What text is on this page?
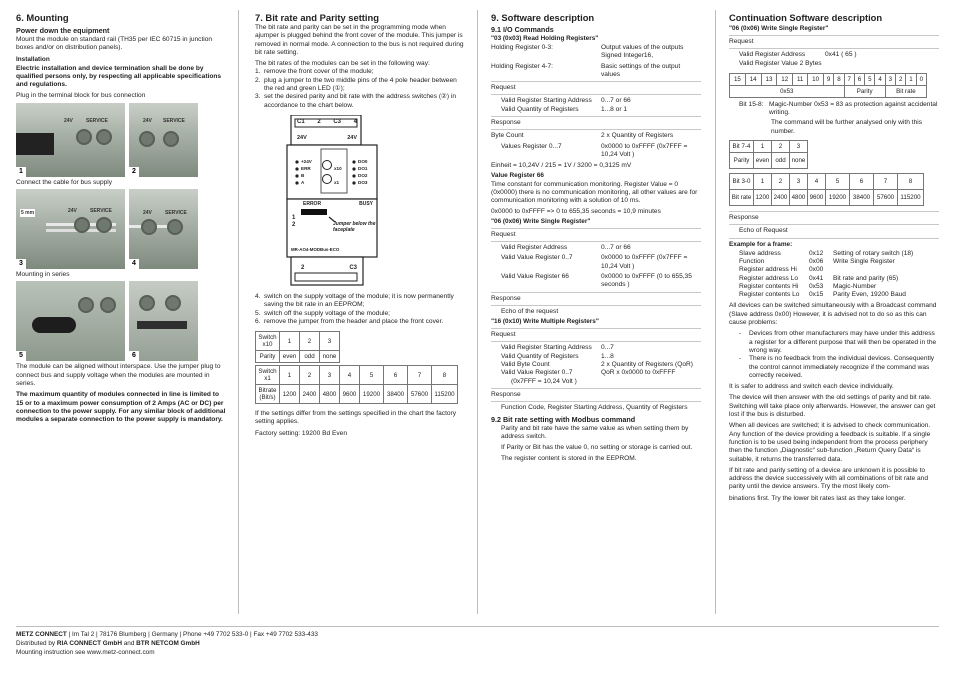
6. Mounting
Power down the equipment

Mount the module on standard rail (TH35 per IEC 60715 in junction boxes and/or on distribution panels).

Installation

Electric installation and device termination shall be done by qualified persons only, by respecting all applicable specifications and regulations.

Plug in the terminal block for bus connection

24V	SERVICE
1
24V SERVICE
2

Connect the cable for bus supply

5 mm	24V	SERVICE
3
24V	SERVICE
4

Mounting in series

5	6

The module can be aligned without interspace. Use the jumper plug to connect bus and supply voltage when the modules are mounted in series.

The maximum quantity of modules connected in line is limited to 15 or to a maximum power consumption of 2 Amps (AC or DC) per connection to the power supply. For any similar block of additional modules a separate connection to the power supply is mandatory.

7. Bit rate and Parity setting

The bit rate and parity can be set in the programming mode when ajumper is plugged behind the front cover of the module. This jumper is removed in normal mode. A connection to the bus is not required during bit rate setting.

The bit rates of the modules can be set in the following way:

1. remove the front cover of the module;
2. plug a jumper to the two middle pins of the 4 pole header between the red and green LED (①);
3. set the desired parity and bit rate with the address switches (②) in accordance to the chart below.
C1 2 C3 4
24V	24V
+24V
ERR
B
A
DO0
DO1
DO2
DO3
x10
x1
ERROR	BUSY
1
2	Jumper below the faceplate
MR-AO4-MODBus-ECO
2	C3
4. switch on the supply voltage of the module; it is now permanently saving the bit rate in an EEPROM;
5. switch off the supply voltage of the module;
6. remove the jumper from the header and place the front cover.
Switch x10	1	2	3
Parity	even	odd	none
Switch x1	1	2	3	4	5	6	7	8
Bitrate (Bit/s)	1200	2400	4800	9600	19200	38400	57600	115200

If the settings differ from the settings specified in the chart the factory setting applies.

Factory setting: 19200 Bd Even

9. Software description
9.1 I/O Commands
"03 (0x03) Read Holding Registers"
Holding Register 0-3:	Output values of the outputs Signed Integer16,
Holding Register 4-7:	Basic settings of the output values
Request
Valid Register Starting Address	0...7 or 66
Valid Quantity of Registers	1...8 or 1
Response
Byte Count	2 x Quantity of Registers
Values Register 0...7	0x0000 to 0xFFFF (0x7FFF = 10,24 Volt )

Einheit = 10,24V / 215 = 1V / 3200 = 0,3125 mV

Value Register 66

Time constant for communication monitoring. Register Value = 0 (0x0000) there is no communication monitoring, all other values are for communication monitoring with a solution of 10 ms.

0x0000 to 0xFFFF => 0 to 655,35 seconds = 10,9 minutes

"06 (0x06) Write Single Register"
Request
Valid Register Address	0...7 or 66
Valid Value Register 0..7	0x0000 to 0xFFFF (0x7FFF = 10,24 Volt )
Valid Value Register 66	0x0000 to 0xFFFF (0 to 655,35 seconds )
Response
Echo of the request
"16 (0x10) Write Multiple Registers"
Request
Valid Register Starting Address	0...7
Valid Quantity of Registers	1...8
Valid Byte Count	2 x Quantity of Registers (QoR)
Valid Value Register 0..7	QoR x 0x0000 to 0xFFFF
(0x7FFF = 10,24 Volt )
Response
Function Code, Register Starting Address, Quantity of Registers
9.2 Bit rate setting with Modbus command

Parity and bit rate have the same value as when setting them by address switch.

If Parity or Bit has the value 0, no setting or storage is carried out.

The register content is stored in the EEPROM.

Continuation Software description
"06 (0x06) Write Single Register"
Request
Valid Register Address	0x41 ( 65 )
Valid Register Value 2 Bytes
15	14	13	12	11	10	9	8	7	6	5	4	3	2	1	0
0x53								Parity				Bit rate			
Bit 15-8: Magic-Number 0x53 = 83 as protection against accidental writing.
The command will be further analysed only with this number.
Bit 7-4	1	2	3
Parity	even	odd	none
Bit 3-0	1	2	3	4	5	6	7	8
Bit rate	1200	2400	4800	9600	19200	38400	57600	115200
Response
Echo of Request
Example for a frame:
Slave address	0x12	Setting of rotary switch (18)
Function	0x06	Write Single Register
Register address Hi	0x00
Register address Lo	0x41	Bit rate and parity (65)
Register contents Hi	0x53	Magic-Number
Register contents Lo	0x15	Parity Even, 19200 Baud

All devices can be switched simultaneously with a Broadcast command (Slave address 0x00) However, it is advised not to do so as this can cause problems:

-	Devices from other manufacturers may have under this address a register for a different purpose that will then be operated in the wrong way.
-	There is no feedback from the individual devices. Consequently the control cannot immediately recognize if the command was correctly received.

It is safer to address and switch each device individually.

The device will then answer with the old settings of parity and bit rate. Switching will take place only afterwards. However, the answer can get lost if the bus is disturbed.

When all devices are switched; it is advised to check communication. Any function of the device providing a feedback is suitable. If a single function is to be used being independent from the process periphery then the function „Diagnostic“ sub-function „Return Query Data“ is suitable, it returns the transferred data.

If bit rate and parity setting of a device are unknown it is possible to address the device successively with all combinations of bit rate and parity until the device answers. Try the most likely com-

binations first. Try the lower bit rates last as they take longer.

METZ CONNECT | Im Tal 2 | 78176 Blumberg | Germany | Phone +49 7702 533-0 | Fax +49 7702 533-433
Distributed by RIA CONNECT GmbH and BTR NETCOM GmbH
Mounting instruction see www.metz-connect.com
